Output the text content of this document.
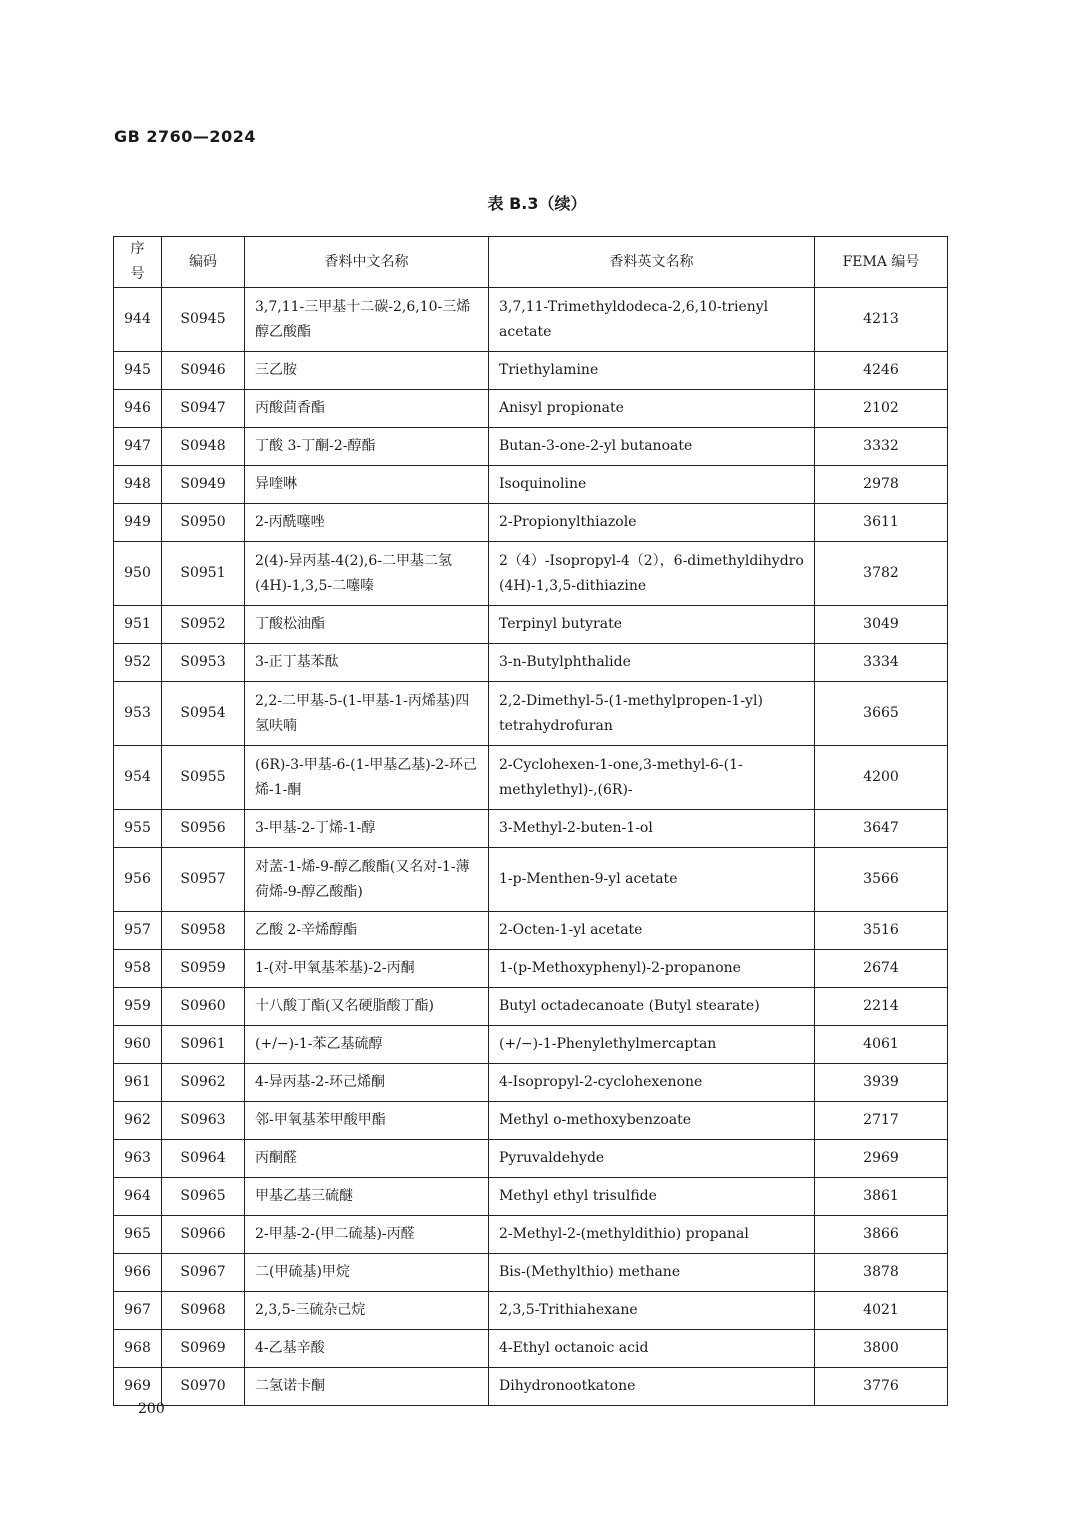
GB 2760—2024
表 B.3（续）
序号	编码	香料中文名称	香料英文名称	FEMA 编号
944	S0945	3,7,11-三甲基十二碳-2,6,10-三烯醇乙酸酯	3,7,11-Trimethyldodeca-2,6,10-trienyl acetate	4213
945	S0946	三乙胺	Triethylamine	4246
946	S0947	丙酸茴香酯	Anisyl propionate	2102
947	S0948	丁酸 3-丁酮-2-醇酯	Butan-3-one-2-yl butanoate	3332
948	S0949	异喹啉	Isoquinoline	2978
949	S0950	2-丙酰噻唑	2-Propionylthiazole	3611
950	S0951	2(4)-异丙基-4(2),6-二甲基二氢(4H)-1,3,5-二噻嗪	2（4）-Isopropyl-4（2），6-dimethyldihydro (4H)-1,3,5-dithiazine	3782
951	S0952	丁酸松油酯	Terpinyl butyrate	3049
952	S0953	3-正丁基苯酞	3-n-Butylphthalide	3334
953	S0954	2,2-二甲基-5-(1-甲基-1-丙烯基)四氢呋喃	2,2-Dimethyl-5-(1-methylpropen-1-yl) tetrahydrofuran	3665
954	S0955	(6R)-3-甲基-6-(1-甲基乙基)-2-环己烯-1-酮	2-Cyclohexen-1-one,3-methyl-6-(1-methylethyl)-,(6R)-	4200
955	S0956	3-甲基-2-丁烯-1-醇	3-Methyl-2-buten-1-ol	3647
956	S0957	对䓝-1-烯-9-醇乙酸酯(又名对-1-薄荷烯-9-醇乙酸酯)	1-p-Menthen-9-yl acetate	3566
957	S0958	乙酸 2-辛烯醇酯	2-Octen-1-yl acetate	3516
958	S0959	1-(对-甲氧基苯基)-2-丙酮	1-(p-Methoxyphenyl)-2-propanone	2674
959	S0960	十八酸丁酯(又名硬脂酸丁酯)	Butyl octadecanoate (Butyl stearate)	2214
960	S0961	(+/−)-1-苯乙基硫醇	(+/−)-1-Phenylethylmercaptan	4061
961	S0962	4-异丙基-2-环己烯酮	4-Isopropyl-2-cyclohexenone	3939
962	S0963	邻-甲氧基苯甲酸甲酯	Methyl o-methoxybenzoate	2717
963	S0964	丙酮醛	Pyruvaldehyde	2969
964	S0965	甲基乙基三硫醚	Methyl ethyl trisulfide	3861
965	S0966	2-甲基-2-(甲二硫基)-丙醛	2-Methyl-2-(methyldithio) propanal	3866
966	S0967	二(甲硫基)甲烷	Bis-(Methylthio) methane	3878
967	S0968	2,3,5-三硫杂己烷	2,3,5-Trithiahexane	4021
968	S0969	4-乙基辛酸	4-Ethyl octanoic acid	3800
969	S0970	二氢诺卡酮	Dihydronootkatone	3776
200
